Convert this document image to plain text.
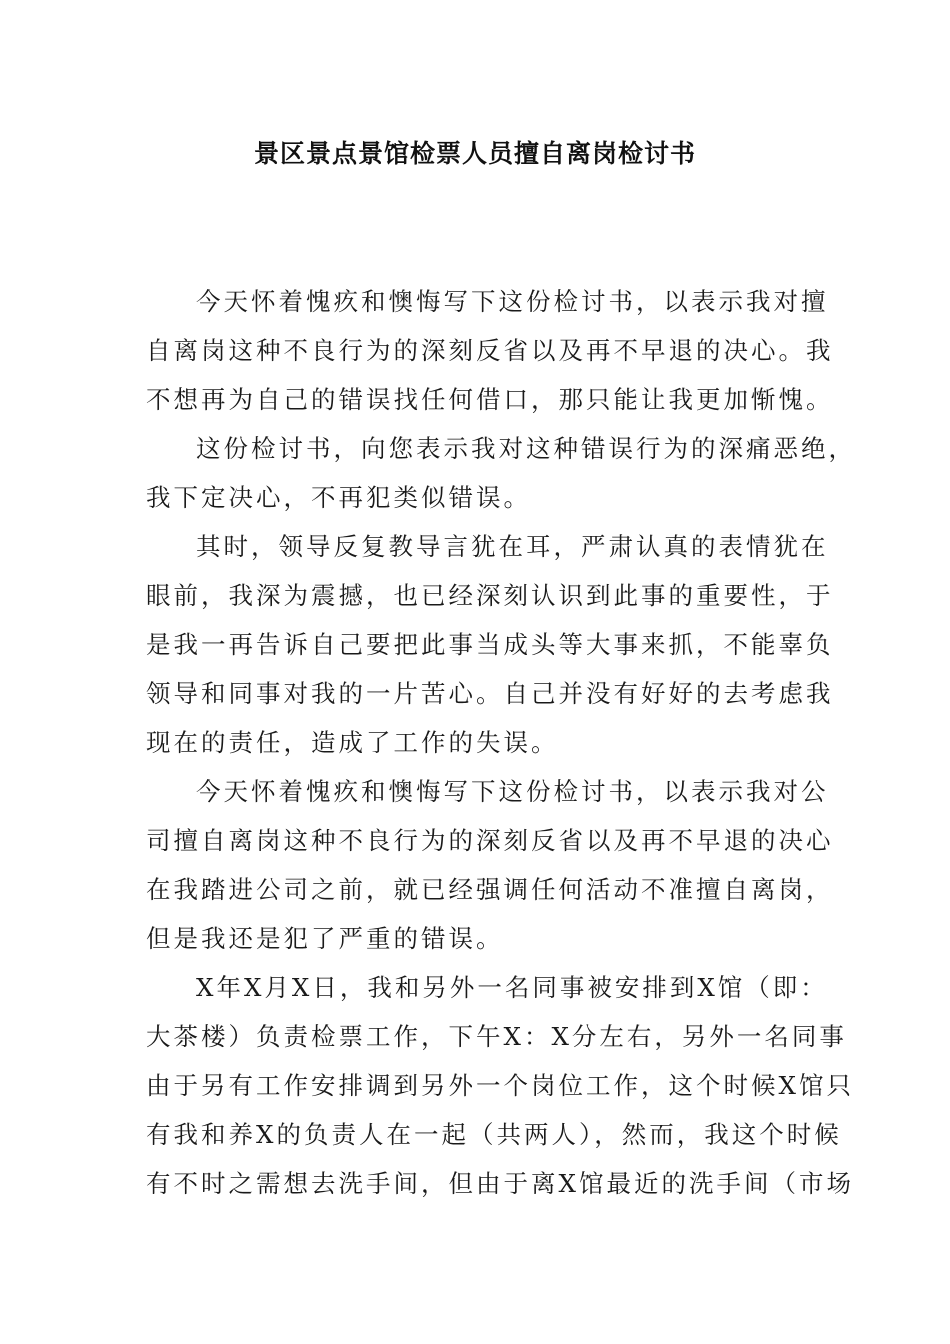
景区景点景馆检票人员擅自离岗检讨书
今天怀着愧疚和懊悔写下这份检讨书，以表示我对擅
自离岗这种不良行为的深刻反省以及再不早退的决心。我
不想再为自己的错误找任何借口，那只能让我更加惭愧。
这份检讨书，向您表示我对这种错误行为的深痛恶绝，
我下定决心，不再犯类似错误。
其时，领导反复教导言犹在耳，严肃认真的表情犹在
眼前，我深为震撼，也已经深刻认识到此事的重要性，于
是我一再告诉自己要把此事当成头等大事来抓，不能辜负
领导和同事对我的一片苦心。自己并没有好好的去考虑我
现在的责任，造成了工作的失误。
今天怀着愧疚和懊悔写下这份检讨书，以表示我对公
司擅自离岗这种不良行为的深刻反省以及再不早退的决心
在我踏进公司之前，就已经强调任何活动不准擅自离岗，
但是我还是犯了严重的错误。
X年X月X日，我和另外一名同事被安排到X馆（即：
大茶楼）负责检票工作，下午X：X分左右，另外一名同事
由于另有工作安排调到另外一个岗位工作，这个时候X馆只
有我和养X的负责人在一起（共两人），然而，我这个时候
有不时之需想去洗手间，但由于离X馆最近的洗手间（市场
